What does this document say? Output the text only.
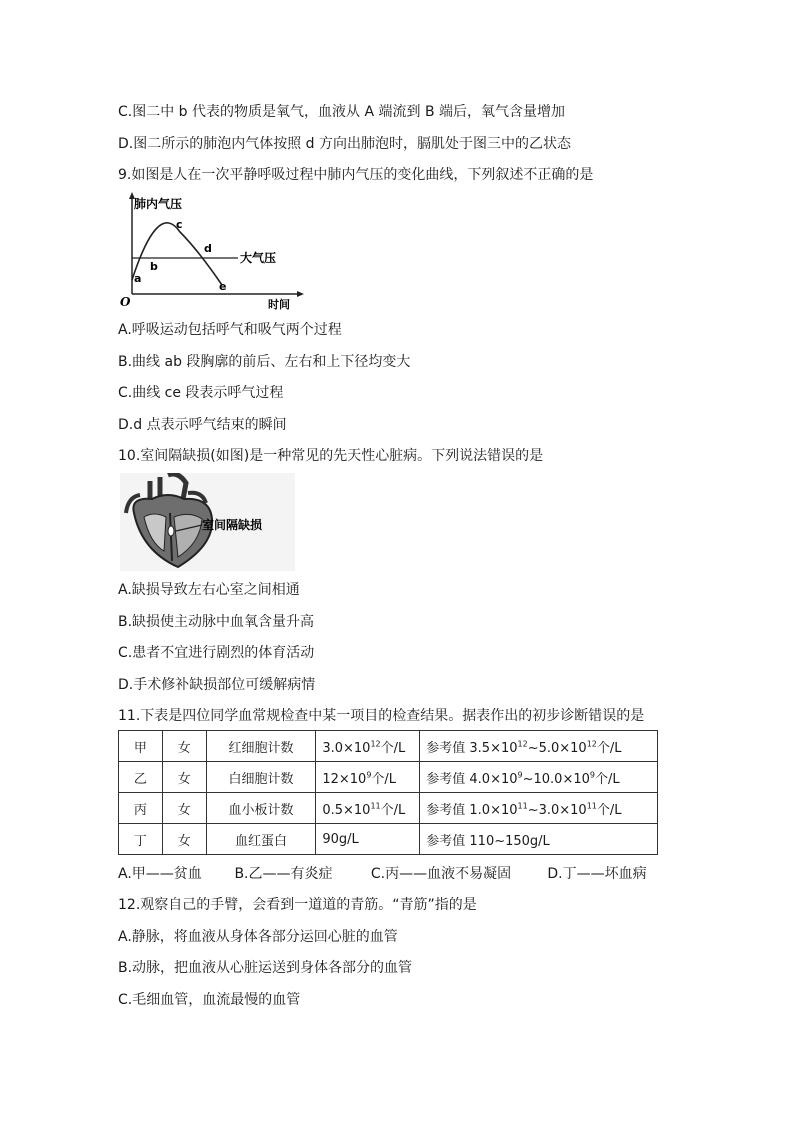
C.图二中 b 代表的物质是氧气，血液从 A 端流到 B 端后，氧气含量增加
D.图二所示的肺泡内气体按照 d 方向出肺泡时，膈肌处于图三中的乙状态
9.如图是人在一次平静呼吸过程中肺内气压的变化曲线，下列叙述不正确的是
肺内气压
时间
大气压
O
a
b
c
d
e
A.呼吸运动包括呼气和吸气两个过程
B.曲线 ab 段胸廓的前后、左右和上下径均变大
C.曲线 ce 段表示呼气过程
D.d 点表示呼气结束的瞬间
10.室间隔缺损(如图)是一种常见的先天性心脏病。下列说法错误的是
室间隔缺损
A.缺损导致左右心室之间相通
B.缺损使主动脉中血氧含量升高
C.患者不宜进行剧烈的体育活动
D.手术修补缺损部位可缓解病情
11.下表是四位同学血常规检查中某一项目的检查结果。据表作出的初步诊断错误的是
甲	女	红细胞计数	$3.0\times 10^{12}$个/L	参考值 $3.5\times 10^{12}\sim 5.0\times 10^{12}$个/L
乙	女	白细胞计数	$12\times 10^9$个/L	参考值 $4.0\times 10^9\sim 10.0\times 10^9$个/L
丙	女	血小板计数	$0.5\times 10^{11}$个/L	参考值 $1.0\times 10^{11}\sim 3.0\times 10^{11}$个/L
丁	女	血红蛋白	90g/L	参考值 110~150g/L
A.甲——贫血 B.乙——有炎症	C.丙——血液不易凝固	D.丁——坏血病
12.观察自己的手臂，会看到一道道的青筋。“青筋”指的是
A.静脉，将血液从身体各部分运回心脏的血管
B.动脉，把血液从心脏运送到身体各部分的血管
C.毛细血管，血流最慢的血管
